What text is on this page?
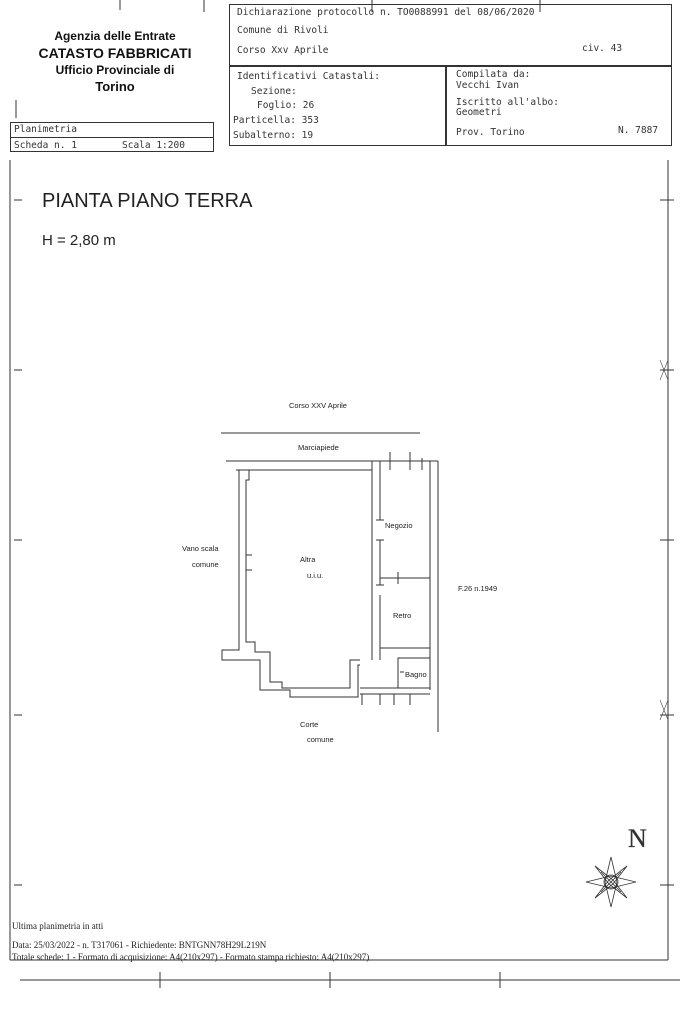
Agenzia delle Entrate
CATASTO FABBRICATI
Ufficio Provinciale di
Torino
Planimetria
Scheda n. 1	Scala 1:200
Dichiarazione protocollo n. TO0088991 del 08/06/2020
Comune di Rivoli
Corso Xxv Aprile	civ. 43
Identificativi Catastali:
Sezione:
Foglio: 26
Particella: 353
Subalterno: 19
Compilata da:
Vecchi Ivan
Iscritto all'albo:
Geometri
Prov. Torino	N. 7887
PIANTA PIANO TERRA
H = 2,80 m
Corso XXV Aprile
Marciapiede
Vano scala
comune
Altra
u.i.u.
Negozio
Retro
Bagno
Corte
comune
F.26 n.1949
N
Ultima planimetria in atti
Data: 25/03/2022 - n. T317061 - Richiedente: BNTGNN78H29L219N
Totale schede: 1 - Formato di acquisizione: A4(210x297) - Formato stampa richiesto: A4(210x297)
